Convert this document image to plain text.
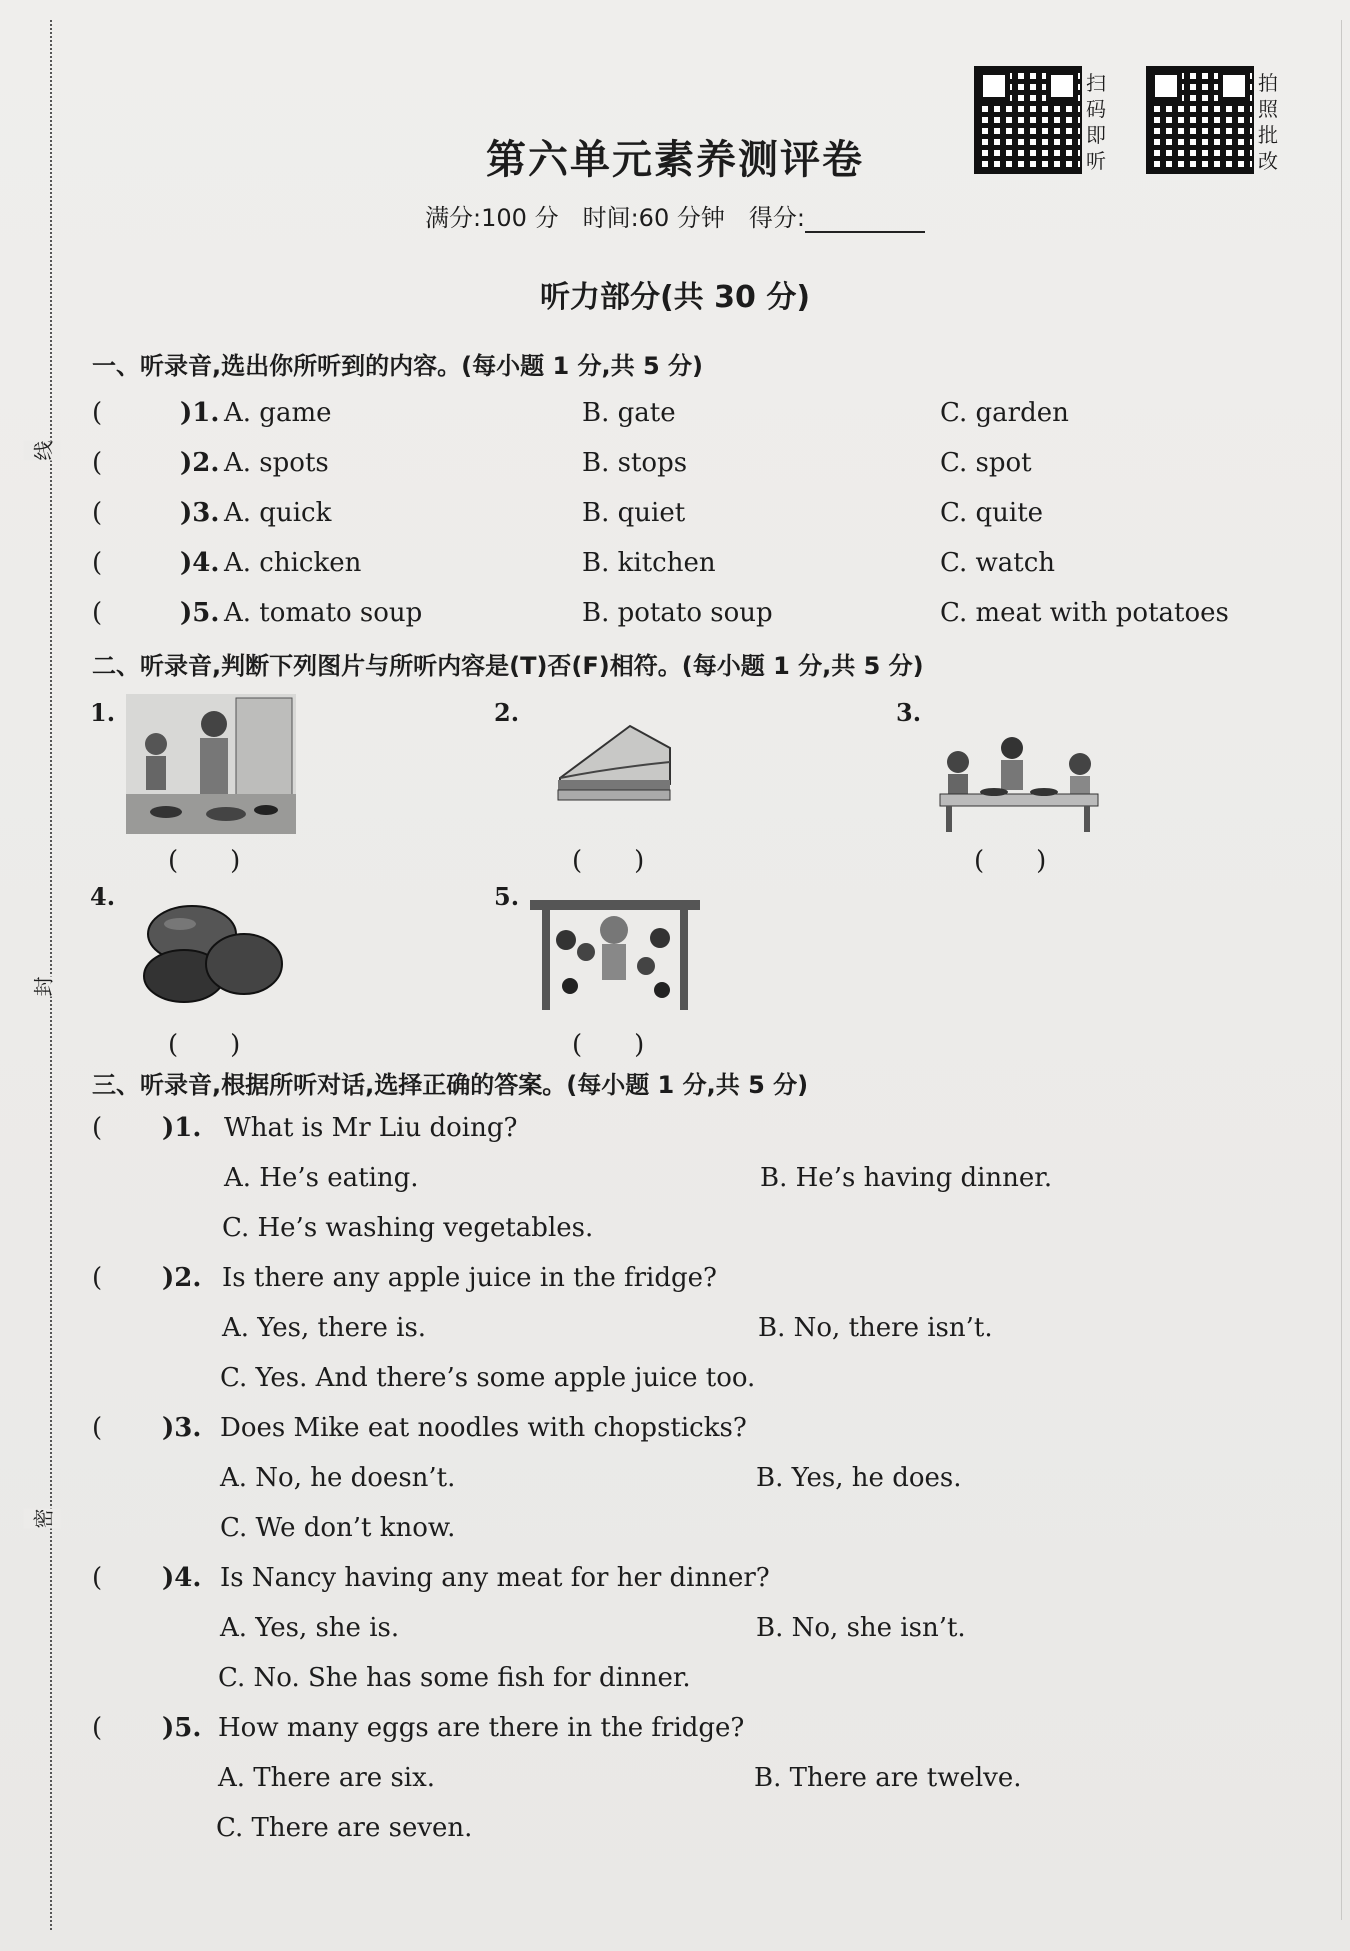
线
封
密
扫
码
即
听
拍
照
批
改
第六单元素养测评卷
满分:100 分　时间:60 分钟　得分:
听力部分(共 30 分)
一、听录音,选出你所听到的内容。(每小题 1 分,共 5 分)
(	)1. A. game	B. gate	C. garden
(	)2. A. spots	B. stops	C. spot
(	)3. A. quick	B. quiet	C. quite
(	)4. A. chicken	B. kitchen	C. watch
(	)5. A. tomato soup	B. potato soup	C. meat with potatoes
二、听录音,判断下列图片与所听内容是(T)否(F)相符。(每小题 1 分,共 5 分)
1.
(　　)
2.
(　　)
3.
(　　)
4.
(　　)
5.
(　　)
三、听录音,根据所听对话,选择正确的答案。(每小题 1 分,共 5 分)
( )1. What is Mr Liu doing?
A. He’s eating.	B. He’s having dinner.
C. He’s washing vegetables.
( )2. Is there any apple juice in the fridge?
A. Yes, there is.	B. No, there isn’t.
C. Yes. And there’s some apple juice too.
( )3. Does Mike eat noodles with chopsticks?
A. No, he doesn’t.	B. Yes, he does.
C. We don’t know.
( )4. Is Nancy having any meat for her dinner?
A. Yes, she is.	B. No, she isn’t.
C. No. She has some fish for dinner.
( )5. How many eggs are there in the fridge?
A. There are six.	B. There are twelve.
C. There are seven.
